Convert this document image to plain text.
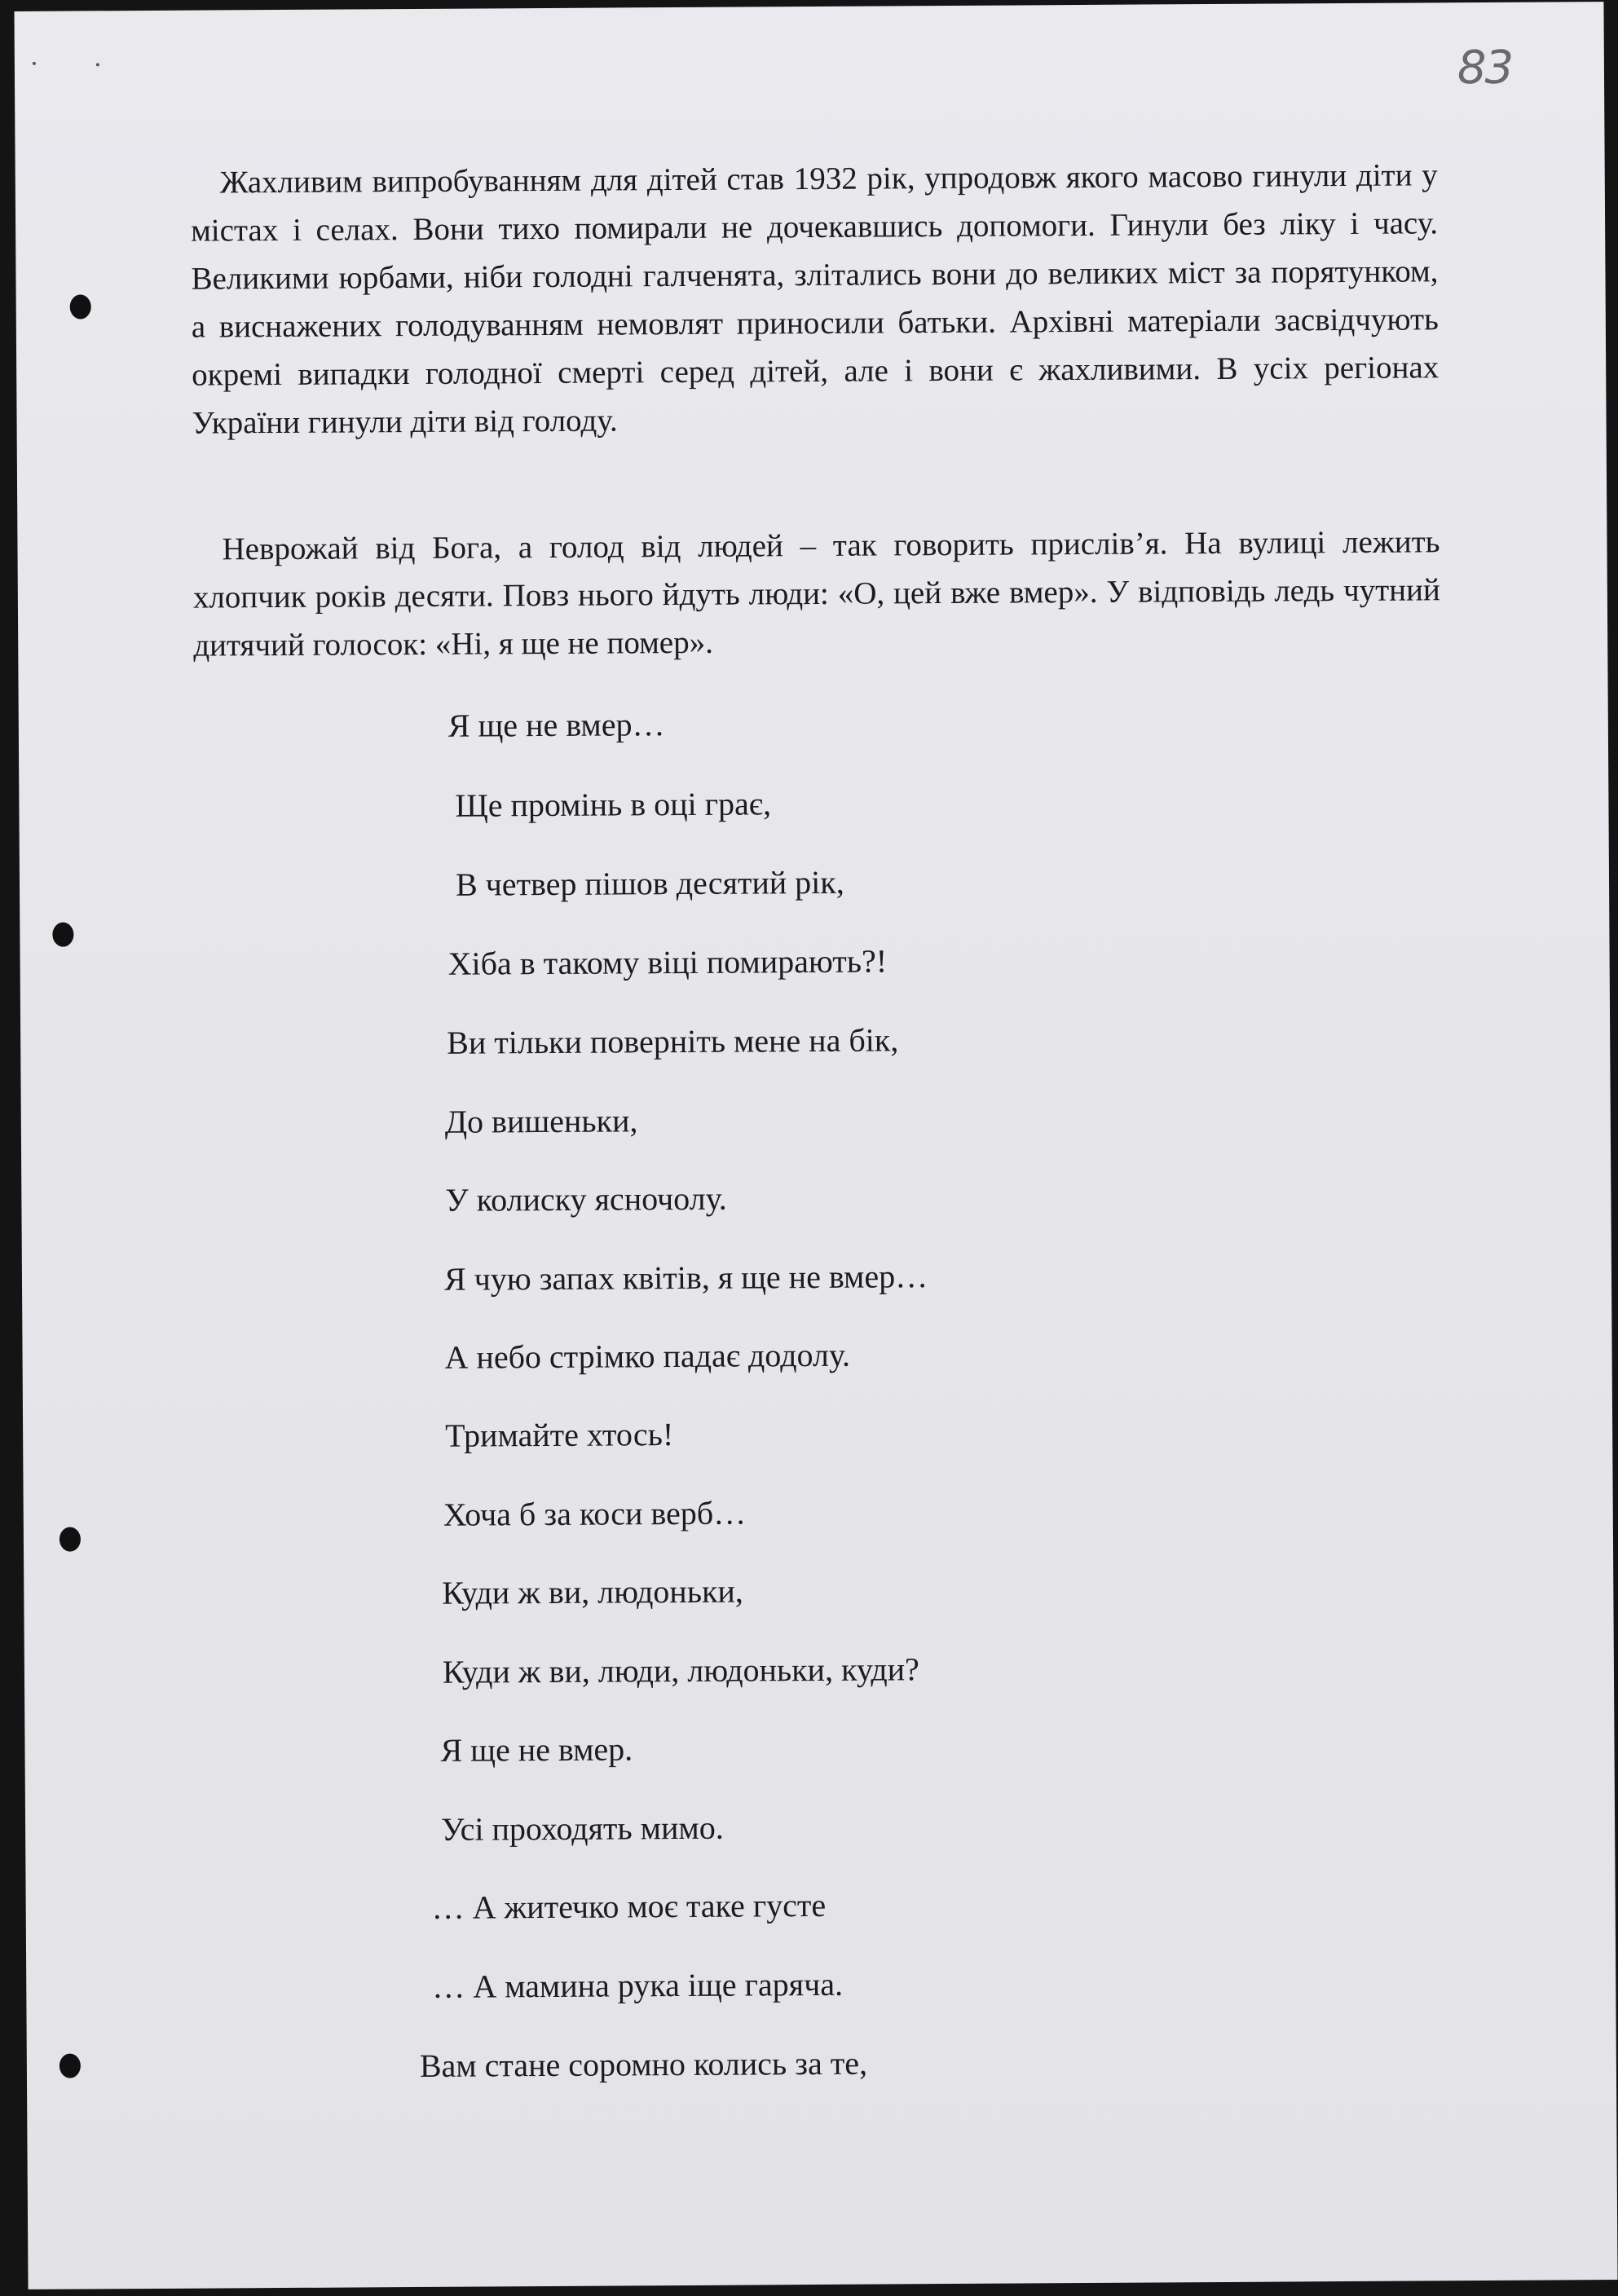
83

Жахливим випробуванням для дітей став 1932 рік, упродовж якого масово гинули діти у містах і селах. Вони тихо помирали не дочекавшись допомоги. Гинули без ліку і часу. Великими юрбами, ніби голодні галченята, злітались вони до великих міст за порятунком, а виснажених голодуванням немовлят приносили батьки. Архівні матеріали засвідчують окремі випадки голодної смерті серед дітей, але і вони є жахливими. В усіх регіонах України гинули діти від голоду.

Неврожай від Бога, а голод від людей – так говорить прислів’я. На вулиці лежить хлопчик років десяти. Повз нього йдуть люди: «О, цей вже вмер». У відповідь ледь чутний дитячий голосок: «Ні, я ще не помер».

Я ще не вмер…

Ще промінь в оці грає,

В четвер пішов десятий рік,

Хіба в такому віці помирають?!

Ви тільки поверніть мене на бік,

До вишеньки,

У колиску ясночолу.

Я чую запах квітів, я ще не вмер…

А небо стрімко падає додолу.

Тримайте хтось!

Хоча б за коси верб…

Куди ж ви, людоньки,

Куди ж ви, люди, людоньки, куди?

Я ще не вмер.

Усі проходять мимо.

… А житечко моє таке густе

… А мамина рука іще гаряча.

Вам стане соромно колись за те,
